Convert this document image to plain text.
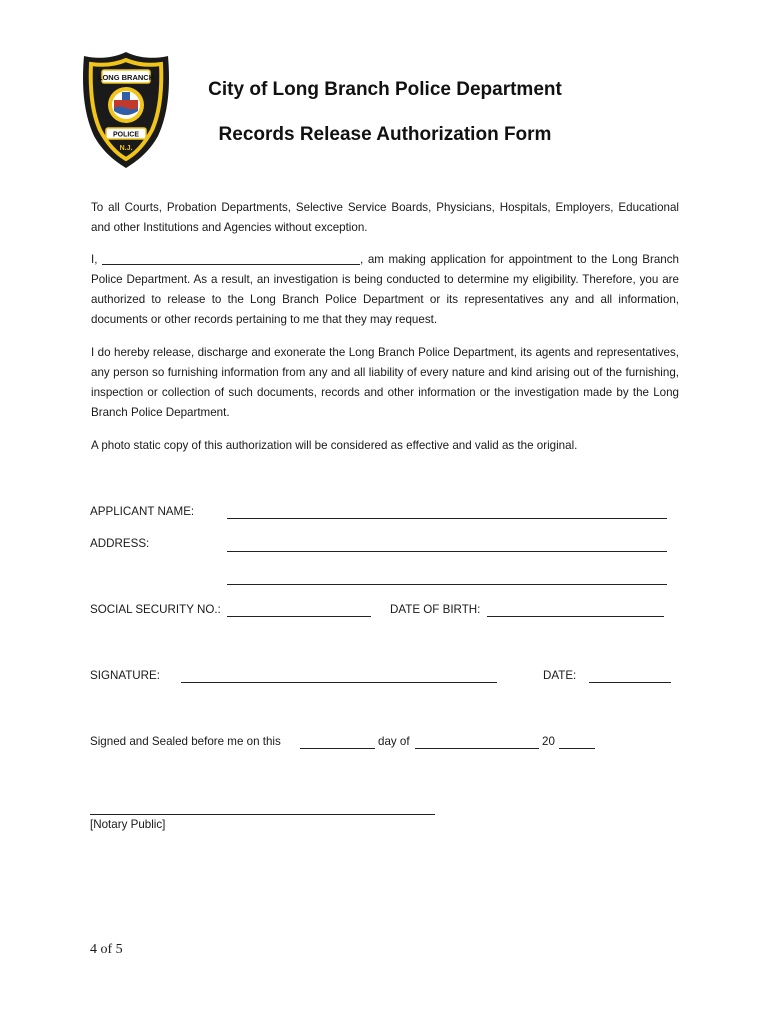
LONG BRANCH
POLICE
N.J.
City of Long Branch Police Department
Records Release Authorization Form

To all Courts, Probation Departments, Selective Service Boards, Physicians, Hospitals, Employers, Educational and other Institutions and Agencies without exception.

I,	, am making application for appointment to the Long Branch Police Department. As a result, an investigation is being conducted to determine my eligibility. Therefore, you are authorized to release to the Long Branch Police Department or its representatives any and all information, documents or other records pertaining to me that they may request.

I do hereby release, discharge and exonerate the Long Branch Police Department, its agents and representatives, any person so furnishing information from any and all liability of every nature and kind arising out of the furnishing, inspection or collection of such documents, records and other information or the investigation made by the Long Branch Police Department.

A photo static copy of this authorization will be considered as effective and valid as the original.

APPLICANT NAME:
ADDRESS:
SOCIAL SECURITY NO.:	DATE OF BIRTH:
SIGNATURE:	DATE:
Signed and Sealed before me on this	day of	20
[Notary Public]
4 of 5
